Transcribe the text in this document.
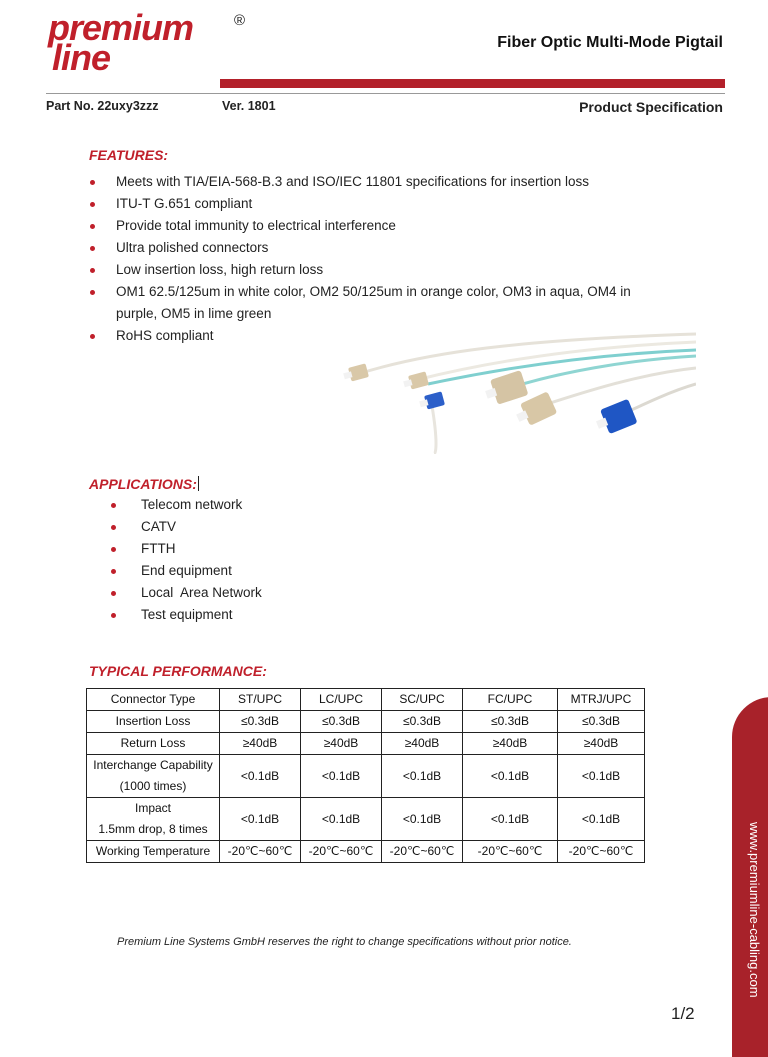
premium
line
®
Fiber Optic Multi-Mode Pigtail
Part No. 22uxy3zzz	Ver. 1801	Product Specification
FEATURES:
Meets with TIA/EIA-568-B.3 and ISO/IEC 11801 specifications for insertion loss
ITU-T G.651 compliant
Provide total immunity to electrical interference
Ultra polished connectors
Low insertion loss, high return loss
OM1 62.5/125um in white color, OM2 50/125um in orange color, OM3 in aqua, OM4 in purple, OM5 in lime green
RoHS compliant
APPLICATIONS:
Telecom network
CATV
FTTH
End equipment
Local  Area Network
Test equipment
TYPICAL PERFORMANCE:
Connector Type	ST/UPC	LC/UPC	SC/UPC	FC/UPC	MTRJ/UPC
Insertion Loss	≤0.3dB	≤0.3dB	≤0.3dB	≤0.3dB	≤0.3dB
Return Loss	≥40dB	≥40dB	≥40dB	≥40dB	≥40dB

Interchange Capability
(1000 times)	<0.1dB	<0.1dB	<0.1dB	<0.1dB	<0.1dB

Impact
1.5mm drop, 8 times	<0.1dB	<0.1dB	<0.1dB	<0.1dB	<0.1dB
Working Temperature	-20℃~60℃	-20℃~60℃	-20℃~60℃	-20℃~60℃	-20℃~60℃
Premium Line Systems GmbH reserves the right to change specifications without prior notice.
1/2
www.premiumline-cabling.com
